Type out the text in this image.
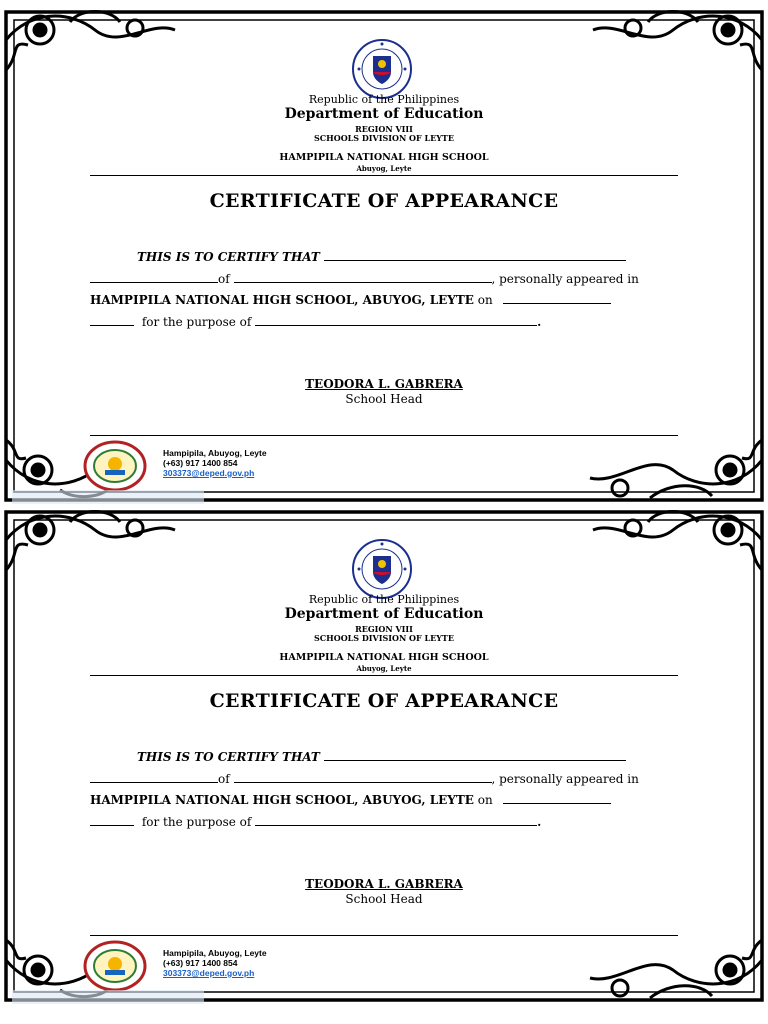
Republic of the Philippines

Department of Education

REGION VIII

SCHOOLS DIVISION OF LEYTE

HAMPIPILA NATIONAL HIGH SCHOOL

Abuyog, Leyte

CERTIFICATE OF APPEARANCE
THIS IS TO CERTIFY THAT
of	, personally appeared in
HAMPIPILA NATIONAL HIGH SCHOOL, ABUYOG, LEYTE on
for the purpose of	.
TEODORA L. GABRERA
School Head
Hampipila, Abuyog, Leyte
(+63) 917 1400 854
303373@deped.gov.ph

Republic of the Philippines

Department of Education

REGION VIII

SCHOOLS DIVISION OF LEYTE

HAMPIPILA NATIONAL HIGH SCHOOL

Abuyog, Leyte

CERTIFICATE OF APPEARANCE
THIS IS TO CERTIFY THAT
of	, personally appeared in
HAMPIPILA NATIONAL HIGH SCHOOL, ABUYOG, LEYTE on
for the purpose of	.
TEODORA L. GABRERA
School Head
Hampipila, Abuyog, Leyte
(+63) 917 1400 854
303373@deped.gov.ph
